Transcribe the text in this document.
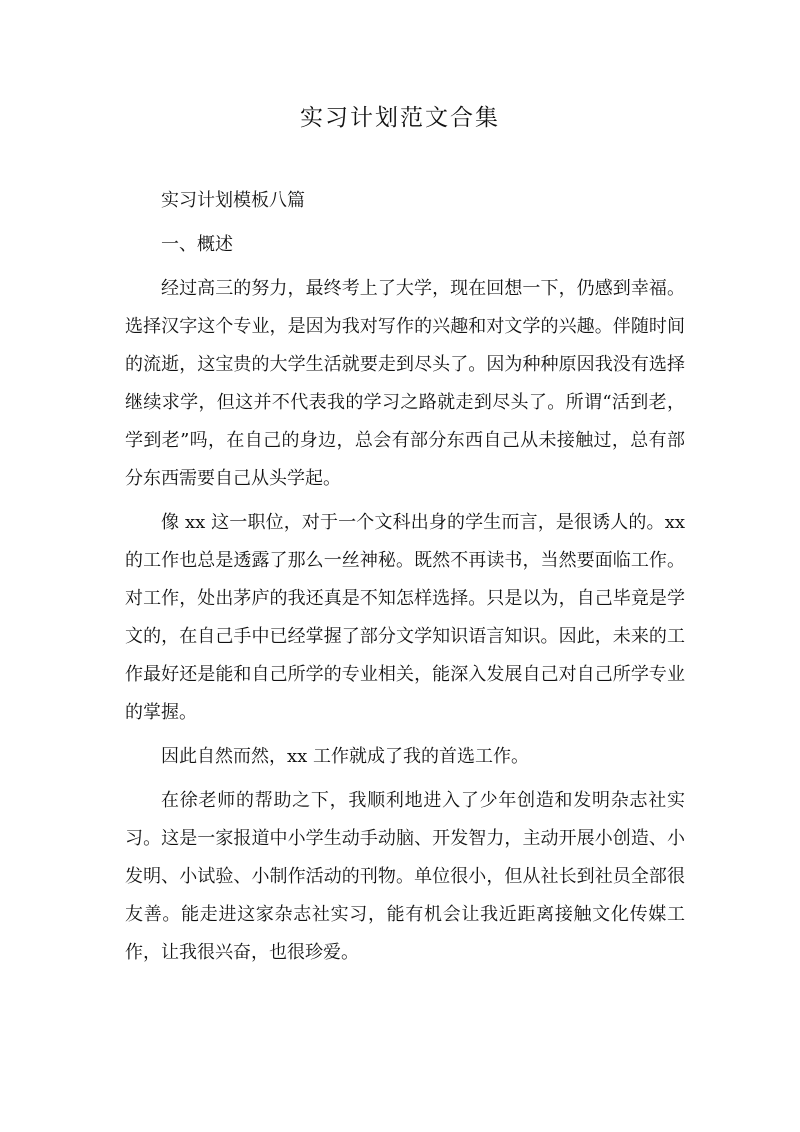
实习计划范文合集

实习计划模板八篇

一、概述

经过高三的努力，最终考上了大学，现在回想一下，仍感到幸福。选择汉字这个专业，是因为我对写作的兴趣和对文学的兴趣。伴随时间的流逝，这宝贵的大学生活就要走到尽头了。因为种种原因我没有选择继续求学，但这并不代表我的学习之路就走到尽头了。所谓“活到老，学到老”吗，在自己的身边，总会有部分东西自己从未接触过，总有部分东西需要自己从头学起。

像 xx 这一职位，对于一个文科出身的学生而言，是很诱人的。xx的工作也总是透露了那么一丝神秘。既然不再读书，当然要面临工作。对工作，处出茅庐的我还真是不知怎样选择。只是以为，自己毕竟是学文的，在自己手中已经掌握了部分文学知识语言知识。因此，未来的工作最好还是能和自己所学的专业相关，能深入发展自己对自己所学专业的掌握。

因此自然而然，xx 工作就成了我的首选工作。

在徐老师的帮助之下，我顺利地进入了少年创造和发明杂志社实习。这是一家报道中小学生动手动脑、开发智力，主动开展小创造、小发明、小试验、小制作活动的刊物。单位很小，但从社长到社员全部很友善。能走进这家杂志社实习，能有机会让我近距离接触文化传媒工作，让我很兴奋，也很珍爱。
